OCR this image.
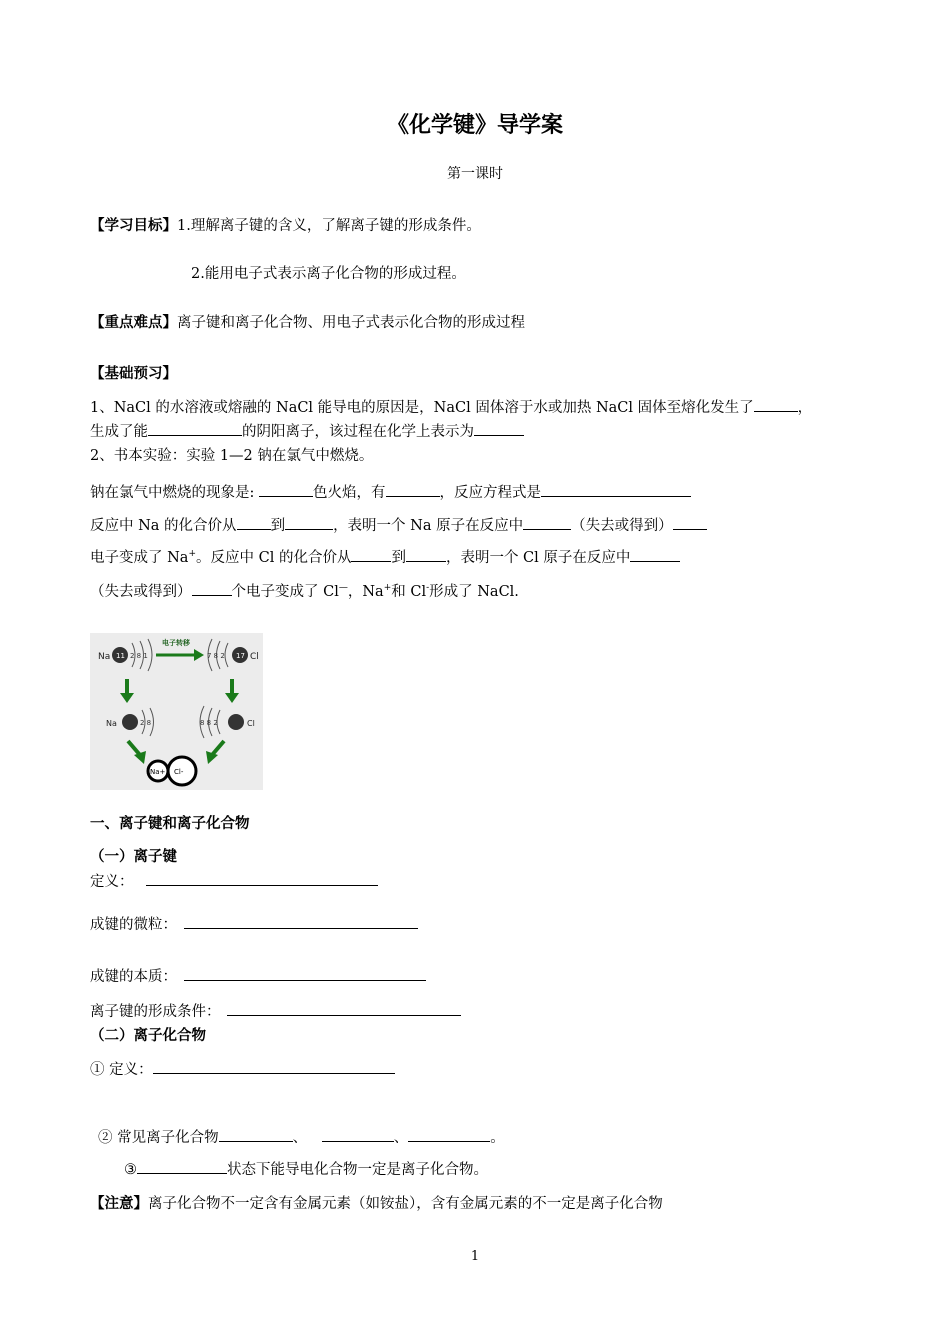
《化学键》导学案
第一课时
【学习目标】1.理解离子键的含义，了解离子键的形成条件。
2.能用电子式表示离子化合物的形成过程。
【重点难点】离子键和离子化合物、用电子式表示化合物的形成过程
【基础预习】
1、NaCl 的水溶液或熔融的 NaCl 能导电的原因是，NaCl 固体溶于水或加热 NaCl 固体至熔化发生了	，
生成了能	的阴阳离子，该过程在化学上表示为
2、书本实验：实验 1—2 钠在氯气中燃烧。
钠在氯气中燃烧的现象是:	色火焰，有	，反应方程式是
反应中 Na 的化合价从 到	，表明一个 Na 原子在反应中	（失去或得到）
电子变成了 Na+。反应中 Cl 的化合价从	到	，表明一个 Cl 原子在反应中
（失去或得到）	个电子变成了 Cl—，Na+和 Cl-形成了 NaCl.
Na 11 2 8 1
电子转移
7 8 2 17 Cl
Na	2 8	8 8 2	Cl
Na+ Cl-
一、离子键和离子化合物
（一）离子键
定义：
成键的微粒：
成键的本质：
离子键的形成条件：
（二）离子化合物
① 定义：
② 常见离子化合物	、	、	。
③	状态下能导电化合物一定是离子化合物。
【注意】离子化合物不一定含有金属元素（如铵盐），含有金属元素的不一定是离子化合物
1
